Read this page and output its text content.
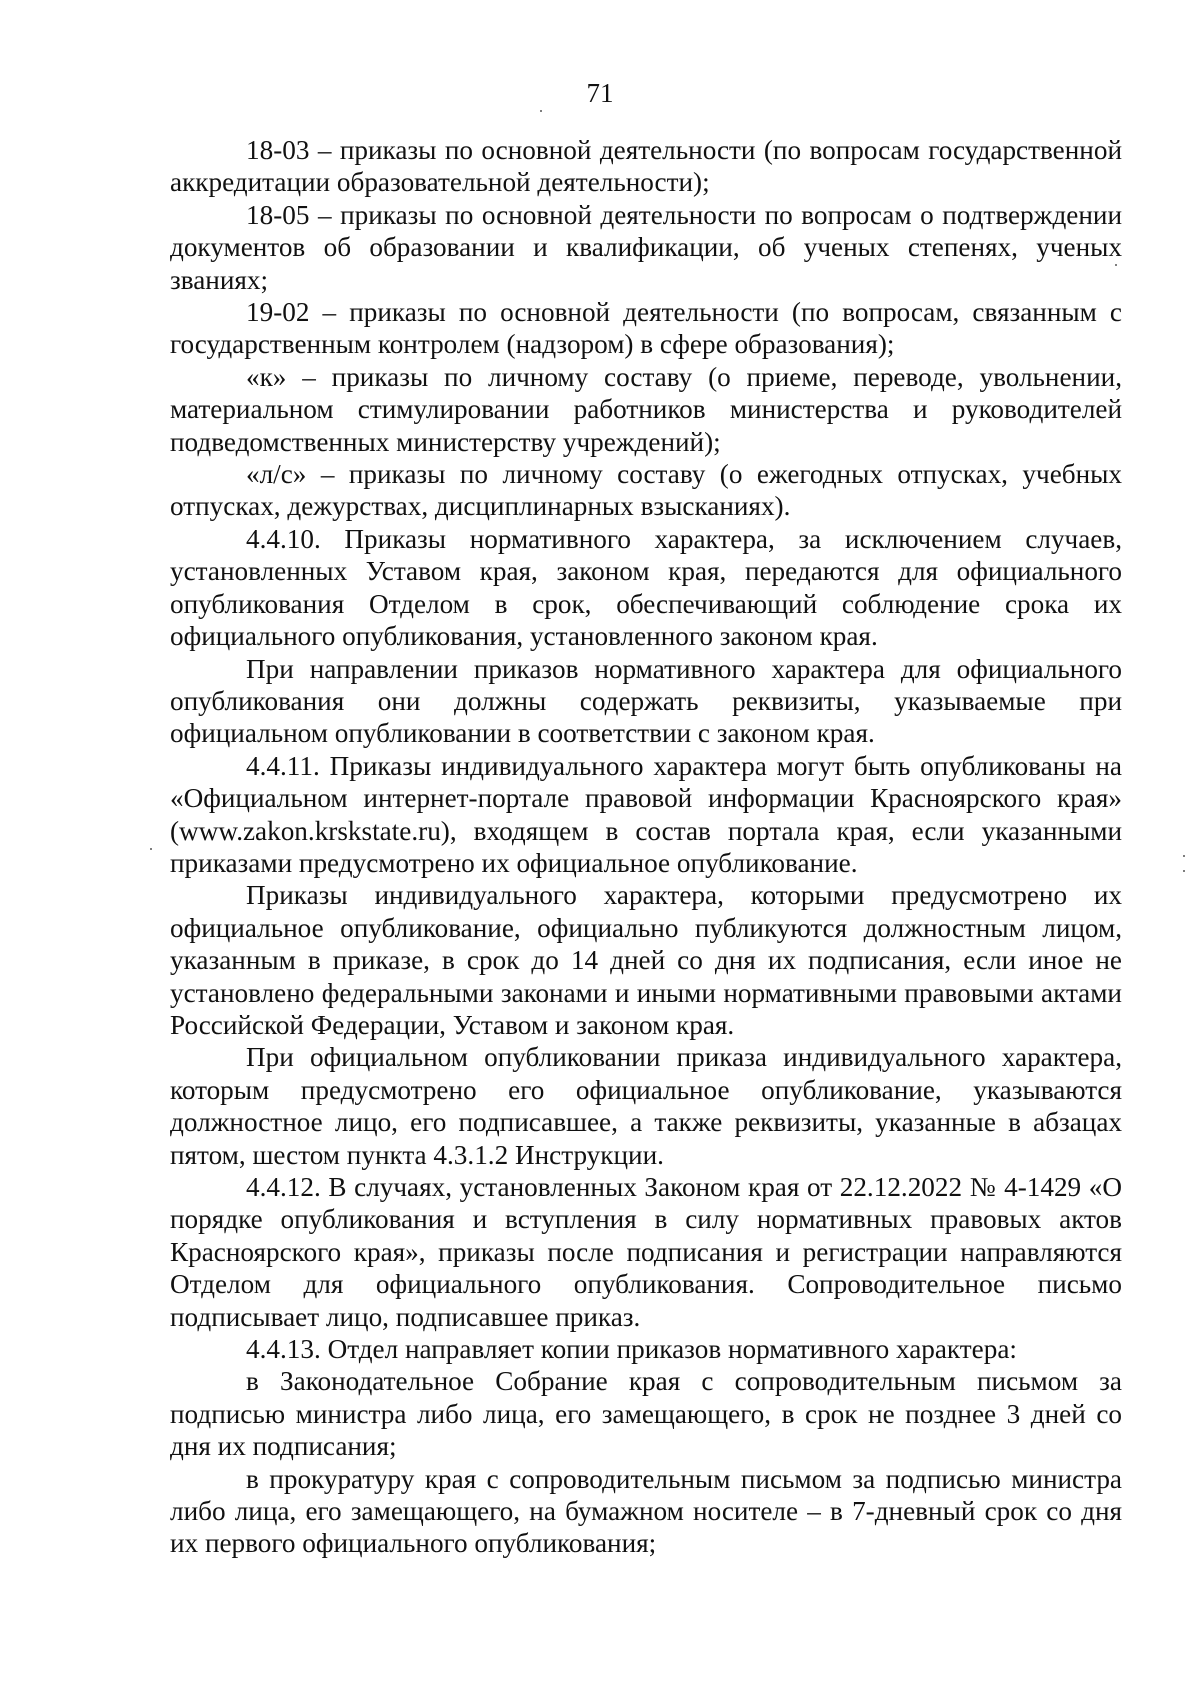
71

18-03 – приказы по основной деятельности (по вопросам государственной аккредитации образовательной деятельности);

18-05 – приказы по основной деятельности по вопросам о подтверждении документов об образовании и квалификации, об ученых степенях, ученых званиях;

19-02 – приказы по основной деятельности (по вопросам, связанным с государственным контролем (надзором) в сфере образования);

«к» – приказы по личному составу (о приеме, переводе, увольнении, материальном стимулировании работников министерства и руководителей подведомственных министерству учреждений);

«л/с» – приказы по личному составу (о ежегодных отпусках, учебных отпусках, дежурствах, дисциплинарных взысканиях).

4.4.10. Приказы нормативного характера, за исключением случаев, установленных Уставом края, законом края, передаются для официального опубликования Отделом в срок, обеспечивающий соблюдение срока их официального опубликования, установленного законом края.

При направлении приказов нормативного характера для официального опубликования они должны содержать реквизиты, указываемые при официальном опубликовании в соответствии с законом края.

4.4.11. Приказы индивидуального характера могут быть опубликованы на «Официальном интернет-портале правовой информации Красноярского края» (www.zakon.krskstate.ru), входящем в состав портала края, если указанными приказами предусмотрено их официальное опубликование.

Приказы индивидуального характера, которыми предусмотрено их официальное опубликование, официально публикуются должностным лицом, указанным в приказе, в срок до 14 дней со дня их подписания, если иное не установлено федеральными законами и иными нормативными правовыми актами Российской Федерации, Уставом и законом края.

При официальном опубликовании приказа индивидуального характера, которым предусмотрено его официальное опубликование, указываются должностное лицо, его подписавшее, а также реквизиты, указанные в абзацах пятом, шестом пункта 4.3.1.2 Инструкции.

4.4.12. В случаях, установленных Законом края от 22.12.2022 № 4-1429 «О порядке опубликования и вступления в силу нормативных правовых актов Красноярского края», приказы после подписания и регистрации направляются Отделом для официального опубликования. Сопроводительное письмо подписывает лицо, подписавшее приказ.

4.4.13. Отдел направляет копии приказов нормативного характера:

в Законодательное Собрание края с сопроводительным письмом за подписью министра либо лица, его замещающего, в срок не позднее 3 дней со дня их подписания;

в прокуратуру края с сопроводительным письмом за подписью министра либо лица, его замещающего, на бумажном носителе – в 7-дневный срок со дня их первого официального опубликования;
